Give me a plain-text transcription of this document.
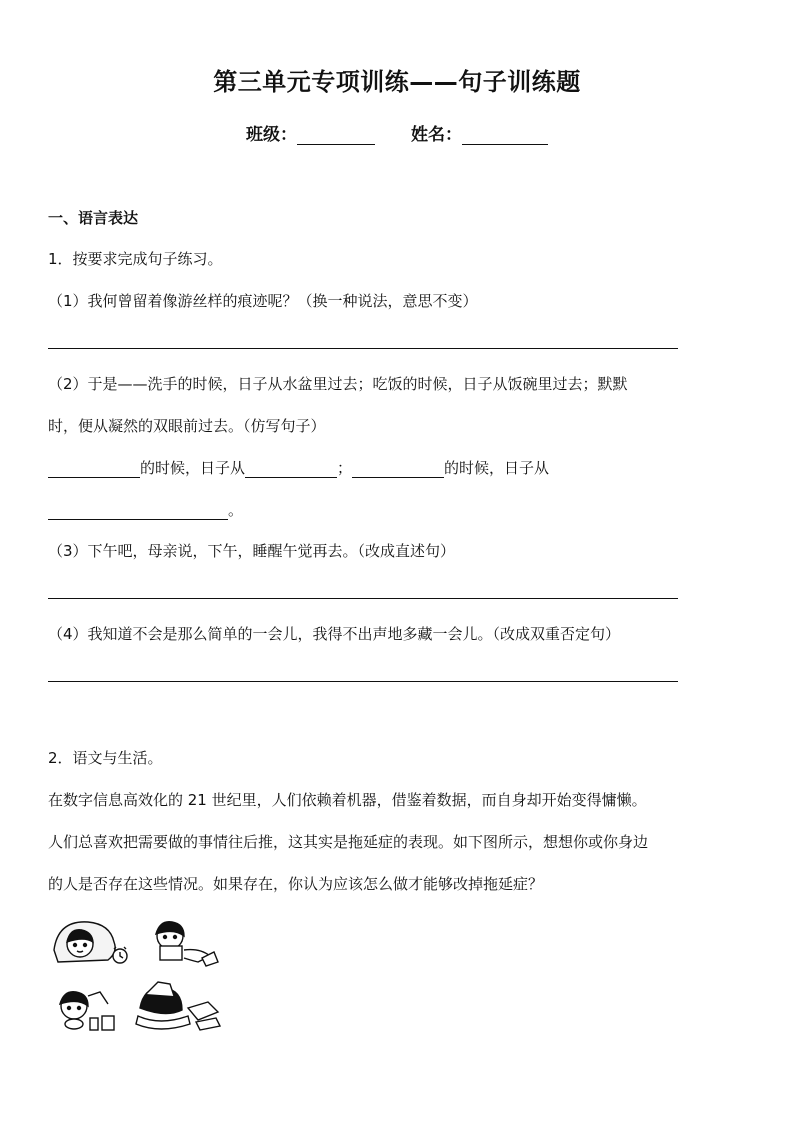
第三单元专项训练——句子训练题
班级：	姓名：
一、语言表达
1．按要求完成句子练习。
（1）我何曾留着像游丝样的痕迹呢？（换一种说法，意思不变）
（2）于是——洗手的时候，日子从水盆里过去；吃饭的时候，日子从饭碗里过去；默默
时，便从凝然的双眼前过去。（仿写句子）
的时候，日子从	；	的时候，日子从
。
（3）下午吧，母亲说，下午，睡醒午觉再去。（改成直述句）
（4）我知道不会是那么简单的一会儿，我得不出声地多藏一会儿。（改成双重否定句）
2．语文与生活。
在数字信息高效化的 21 世纪里，人们依赖着机器，借鉴着数据，而自身却开始变得慵懒。
人们总喜欢把需要做的事情往后推，这其实是拖延症的表现。如下图所示，想想你或你身边
的人是否存在这些情况。如果存在，你认为应该怎么做才能够改掉拖延症？
